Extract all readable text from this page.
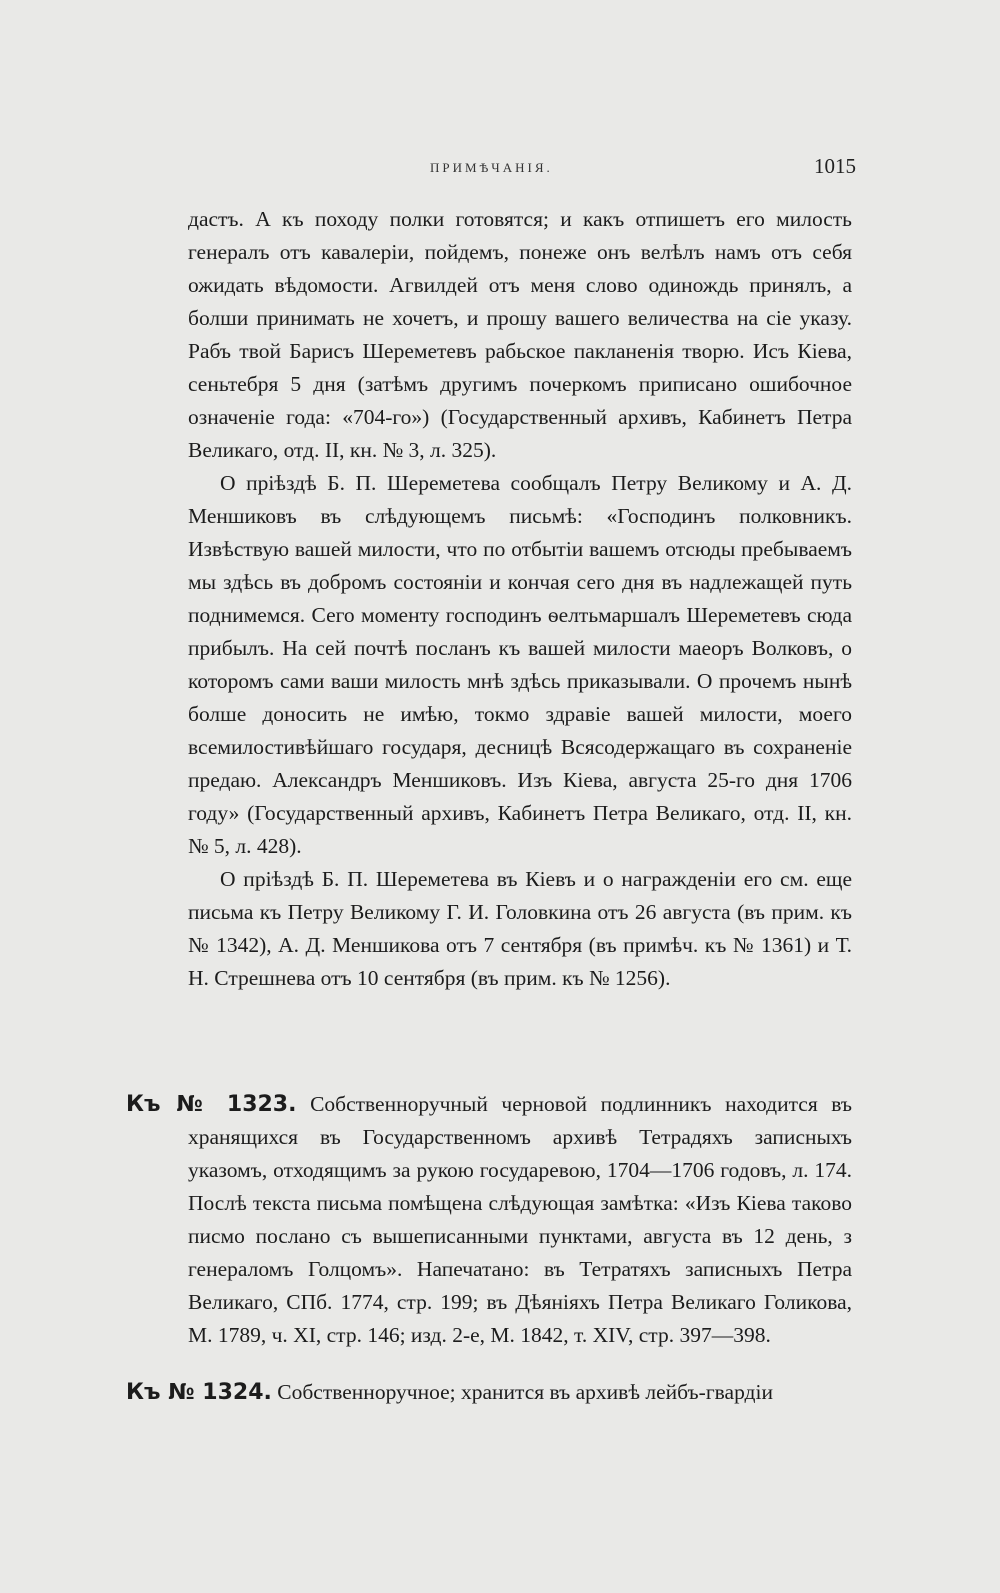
ПРИМѢЧАНІЯ.	1015

дастъ. А къ походу полки готовятся; и какъ отпишетъ его милость генералъ отъ кавалеріи, пойдемъ, понеже онъ велѣлъ намъ отъ себя ожидать вѣдомости. Агвилдей отъ меня слово одинождь принялъ, а болши принимать не хочетъ, и прошу вашего величества на сіе указу. Рабъ твой Барисъ Шереметевъ рабьское пакланенія творю. Исъ Кіева, сеньтебря 5 дня (затѣмъ другимъ почеркомъ приписано ошибочное означеніе года: «704-го») (Государственный архивъ, Кабинетъ Петра Великаго, отд. II, кн. № 3, л. 325).

О пріѣздѣ Б. П. Шереметева сообщалъ Петру Великому и А. Д. Меншиковъ въ слѣдующемъ письмѣ: «Господинъ полковникъ. Извѣствую вашей милости, что по отбытіи вашемъ отсюды пребываемъ мы здѣсь въ добромъ состояніи и кончая сего дня въ надлежащей путь поднимемся. Сего моменту господинъ ѳелтьмаршалъ Шереметевъ сюда прибылъ. На сей почтѣ посланъ къ вашей милости маеоръ Волковъ, о которомъ сами ваши милость мнѣ здѣсь приказывали. О прочемъ нынѣ болше доносить не имѣю, токмо здравіе вашей милости, моего всемилостивѣйшаго государя, десницѣ Всясодержащаго въ сохраненіе предаю. Александръ Меншиковъ. Изъ Кіева, августа 25-го дня 1706 году» (Государственный архивъ, Кабинетъ Петра Великаго, отд. II, кн. № 5, л. 428).

О пріѣздѣ Б. П. Шереметева въ Кіевъ и о награжденіи его см. еще письма къ Петру Великому Г. И. Головкина отъ 26 августа (въ прим. къ № 1342), А. Д. Меншикова отъ 7 сентября (въ примѣч. къ № 1361) и Т. Н. Стрешнева отъ 10 сентября (въ прим. къ № 1256).

Къ № 1323. Собственноручный черновой подлинникъ находится въ хранящихся въ Государственномъ архивѣ Тетрадяхъ записныхъ указомъ, отходящимъ за рукою государевою, 1704—1706 годовъ, л. 174. Послѣ текста письма помѣщена слѣдующая замѣтка: «Изъ Кіева таково писмо послано съ вышеписанными пунктами, августа въ 12 день, з генераломъ Голцомъ». Напечатано: въ Тетратяхъ записныхъ Петра Великаго, СПб. 1774, стр. 199; въ Дѣяніяхъ Петра Великаго Голикова, М. 1789, ч. XI, стр. 146; изд. 2-е, М. 1842, т. XIV, стр. 397—398.

Къ № 1324. Собственноручное; хранится въ архивѣ лейбъ-гвардіи
